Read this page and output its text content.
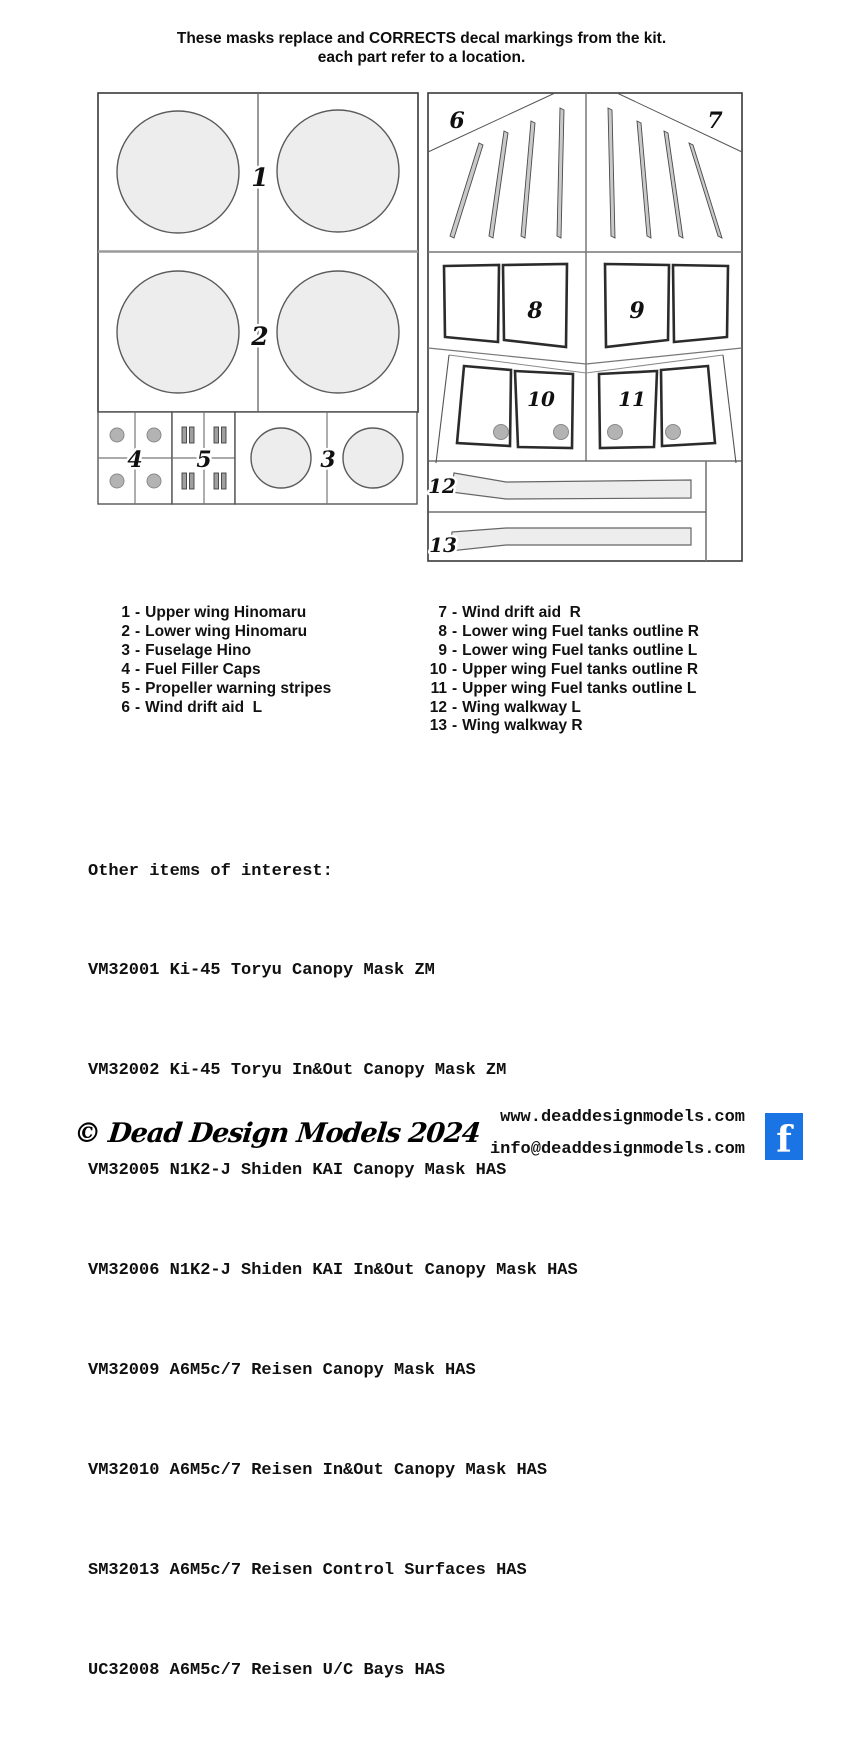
These masks replace and CORRECTS decal markings from the kit.
each part refer to a location.
1
2
4 5	3
6	7
8	9
10	11
12
13
1 - Upper wing Hinomaru
2 - Lower wing Hinomaru
3 - Fuselage Hino
4 - Fuel Filler Caps
5 - Propeller warning stripes
6 - Wind drift aid  L
7 - Wind drift aid  R
8 - Lower wing Fuel tanks outline R
9 - Lower wing Fuel tanks outline L
10 - Upper wing Fuel tanks outline R
11 - Upper wing Fuel tanks outline L
12 - Wing walkway L
13 - Wing walkway R

Other items of interest:

VM32001 Ki-45 Toryu Canopy Mask ZM

VM32002 Ki-45 Toryu In&Out Canopy Mask ZM

VM32005 N1K2-J Shiden KAI Canopy Mask HAS

VM32006 N1K2-J Shiden KAI In&Out Canopy Mask HAS

VM32009 A6M5c/7 Reisen Canopy Mask HAS

VM32010 A6M5c/7 Reisen In&Out Canopy Mask HAS

SM32013 A6M5c/7 Reisen Control Surfaces HAS

UC32008 A6M5c/7 Reisen U/C Bays HAS

© Dead Design Models 2024
www.deaddesignmodels.com
info@deaddesignmodels.com f
